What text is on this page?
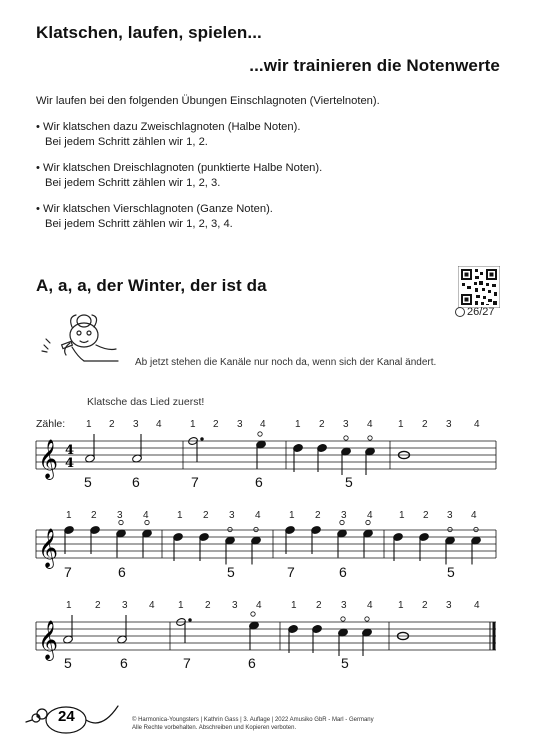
Klatschen, laufen, spielen...
...wir trainieren die Notenwerte
Wir laufen bei den folgenden Übungen Einschlagnoten (Viertelnoten).
• Wir klatschen dazu Zweischlagnoten (Halbe Noten).
Bei jedem Schritt zählen wir 1, 2.
• Wir klatschen Dreischlagnoten (punktierte Halbe Noten).
Bei jedem Schritt zählen wir 1, 2, 3.
• Wir klatschen Vierschlagnoten (Ganze Noten).
Bei jedem Schritt zählen wir 1, 2, 3, 4.
A, a, a, der Winter, der ist da
26/27
Ab jetzt stehen die Kanäle nur noch da, wenn sich der Kanal ändert.
Klatsche das Lied zuerst!
Zähle: 1 2 3 4	1 2 3 4	1 2 3 4	1 2 3 4
1 2 3 4	1 2 3 4	1 2 3 4	1 2 3 4
1 2 3 4 1 2 3 4	1 2 3 4	1 2 3 4
5	6	7	6	5
7	6	5	7	6	5
5	6	7	6	5
𝄞 4
4
𝄞
𝄞
24	© Harmonica-Youngsters | Kathrin Gass | 3. Auflage | 2022 Amusiko GbR - Marl - Germany
Alle Rechte vorbehalten. Abschreiben und Kopieren verboten.
